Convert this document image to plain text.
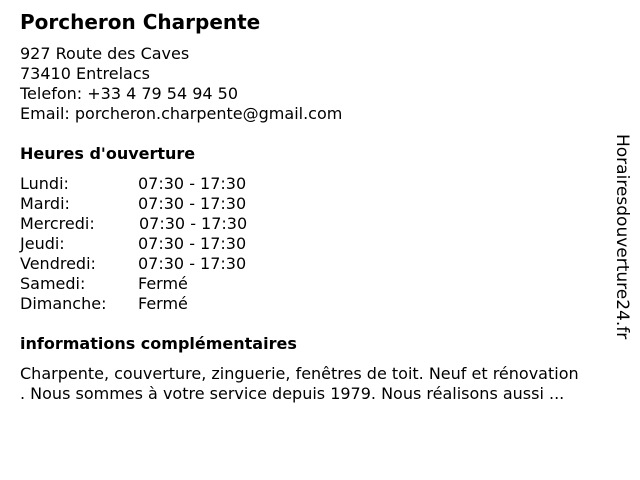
Porcheron Charpente
927 Route des Caves
73410 Entrelacs
Telefon: +33 4 79 54 94 50
Email: porcheron.charpente@gmail.com
Heures d'ouverture
Lundi:	07:30 - 17:30
Mardi:	07:30 - 17:30
Mercredi:	07:30 - 17:30
Jeudi:	07:30 - 17:30
Vendredi:	07:30 - 17:30
Samedi:	Fermé
Dimanche: Fermé
informations complémentaires
Charpente, couverture, zinguerie, fenêtres de toit. Neuf et rénovation
. Nous sommes à votre service depuis 1979. Nous réalisons aussi ...
Horairesdouverture24.fr
